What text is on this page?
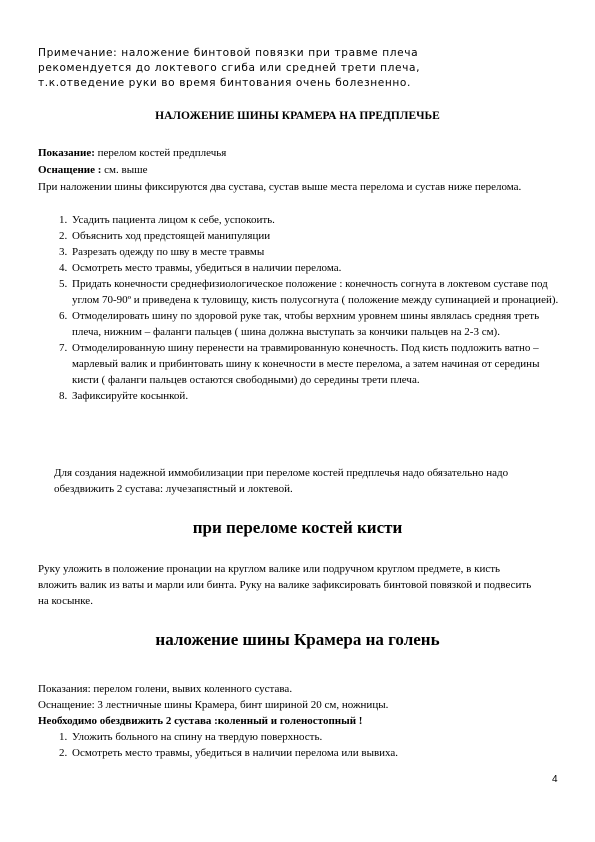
Примечание: наложение бинтовой повязки при травме плеча
рекомендуется до локтевого сгиба или средней трети плеча,
т.к.отведение руки во время бинтования очень болезненно.
НАЛОЖЕНИЕ ШИНЫ КРАМЕРА НА ПРЕДПЛЕЧЬЕ
Показание: перелом костей предплечья
Оснащение : см. выше
При наложении шины фиксируются два сустава, сустав выше места перелома и сустав ниже перелома.
1. Усадить пациента лицом к себе, успокоить.
2. Объяснить ход предстоящей манипуляции
3. Разрезать одежду по шву в месте травмы
4. Осмотреть место травмы, убедиться в наличии перелома.
5. Придать конечности среднефизиологическое положение : конечность согнута в локтевом суставе под углом 70-90º и приведена к туловищу, кисть полусогнута ( положение между супинацией и пронацией).
6. Отмоделировать шину по здоровой руке так, чтобы верхним уровнем шины являлась средняя треть плеча, нижним – фаланги пальцев ( шина должна выступать за кончики пальцев на 2-3 см).
7. Отмоделированную шину перенести на травмированную конечность. Под кисть подложить ватно – марлевый валик и прибинтовать шину к конечности в месте перелома, а затем начиная от середины кисти ( фаланги пальцев остаются свободными) до середины трети плеча.
8. Зафиксируйте косынкой.
Для создания надежной иммобилизации при переломе костей предплечья надо обязательно надо обездвижить 2 сустава: лучезапястный и локтевой.
при переломе костей кисти
Руку уложить в положение пронации на круглом валике или подручном круглом предмете, в кисть вложить валик из ваты и марли или бинта. Руку на валике зафиксировать бинтовой повязкой и подвесить на косынке.
наложение шины Крамера на голень
Показания: перелом голени, вывих коленного сустава.
Оснащение: 3 лестничные шины Крамера, бинт шириной 20 см, ножницы.
Необходимо обездвижить 2 сустава :коленный и голеностопный !
1. Уложить больного на спину на твердую поверхность.
2. Осмотреть место травмы, убедиться в наличии перелома или вывиха.
4
